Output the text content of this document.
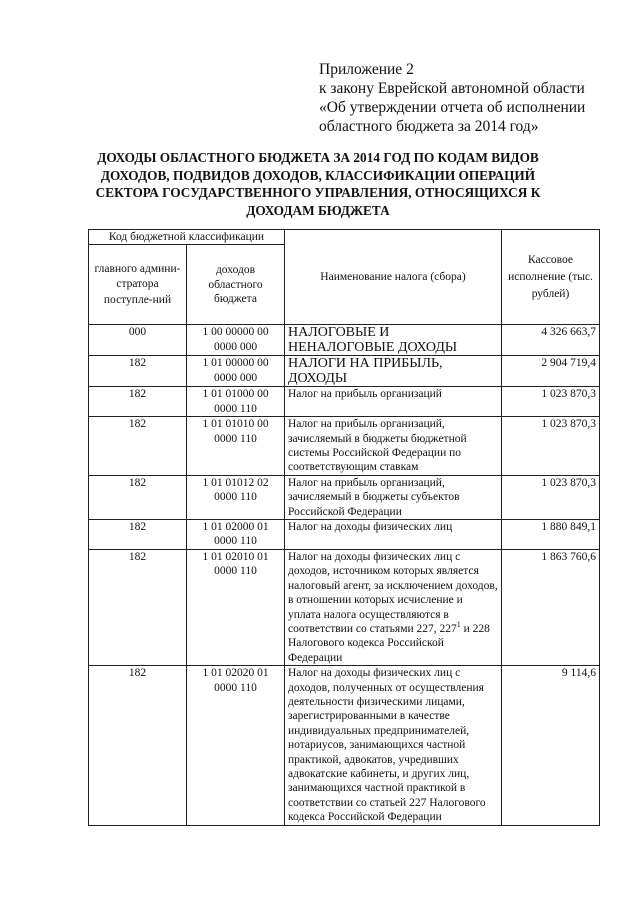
Приложение 2
к закону Еврейской автономной области
«Об утверждении отчета об исполнении
областного бюджета за 2014 год»
ДОХОДЫ ОБЛАСТНОГО БЮДЖЕТА ЗА 2014 ГОД ПО КОДАМ ВИДОВ ДОХОДОВ, ПОДВИДОВ ДОХОДОВ, КЛАССИФИКАЦИИ ОПЕРАЦИЙ СЕКТОРА ГОСУДАРСТВЕННОГО УПРАВЛЕНИЯ, ОТНОСЯЩИХСЯ К ДОХОДАМ БЮДЖЕТА
Код бюджетной классификации		Наименование налога (сбора)	Кассовое исполнение (тыс. рублей)
главного админи-стратора поступле-ний	доходов областного бюджета		
000	1 00 00000 00 0000 000	НАЛОГОВЫЕ И НЕНАЛОГОВЫЕ ДОХОДЫ	4 326 663,7
182	1 01 00000 00 0000 000	НАЛОГИ НА ПРИБЫЛЬ, ДОХОДЫ	2 904 719,4
182	1 01 01000 00 0000 110	Налог на прибыль организаций	1 023 870,3
182	1 01 01010 00 0000 110	Налог на прибыль организаций, зачисляемый в бюджеты бюджетной системы Российской Федерации по соответствующим ставкам	1 023 870,3
182	1 01 01012 02 0000 110	Налог на прибыль организаций, зачисляемый в бюджеты субъектов Российской Федерации	1 023 870,3
182	1 01 02000 01 0000 110	Налог на доходы физических лиц	1 880 849,1
182	1 01 02010 01 0000 110	Налог на доходы физических лиц с доходов, источником которых является налоговый агент, за исключением доходов, в отношении которых исчисление и уплата налога осуществляются в соответствии со статьями 227, $227^1$ и 228 Налогового кодекса Российской Федерации	1 863 760,6
182	1 01 02020 01 0000 110	Налог на доходы физических лиц с доходов, полученных от осуществления деятельности физическими лицами, зарегистрированными в качестве индивидуальных предпринимателей, нотариусов, занимающихся частной практикой, адвокатов, учредивших адвокатские кабинеты, и других лиц, занимающихся частной практикой в соответствии со статьей 227 Налогового кодекса Российской Федерации	9 114,6
